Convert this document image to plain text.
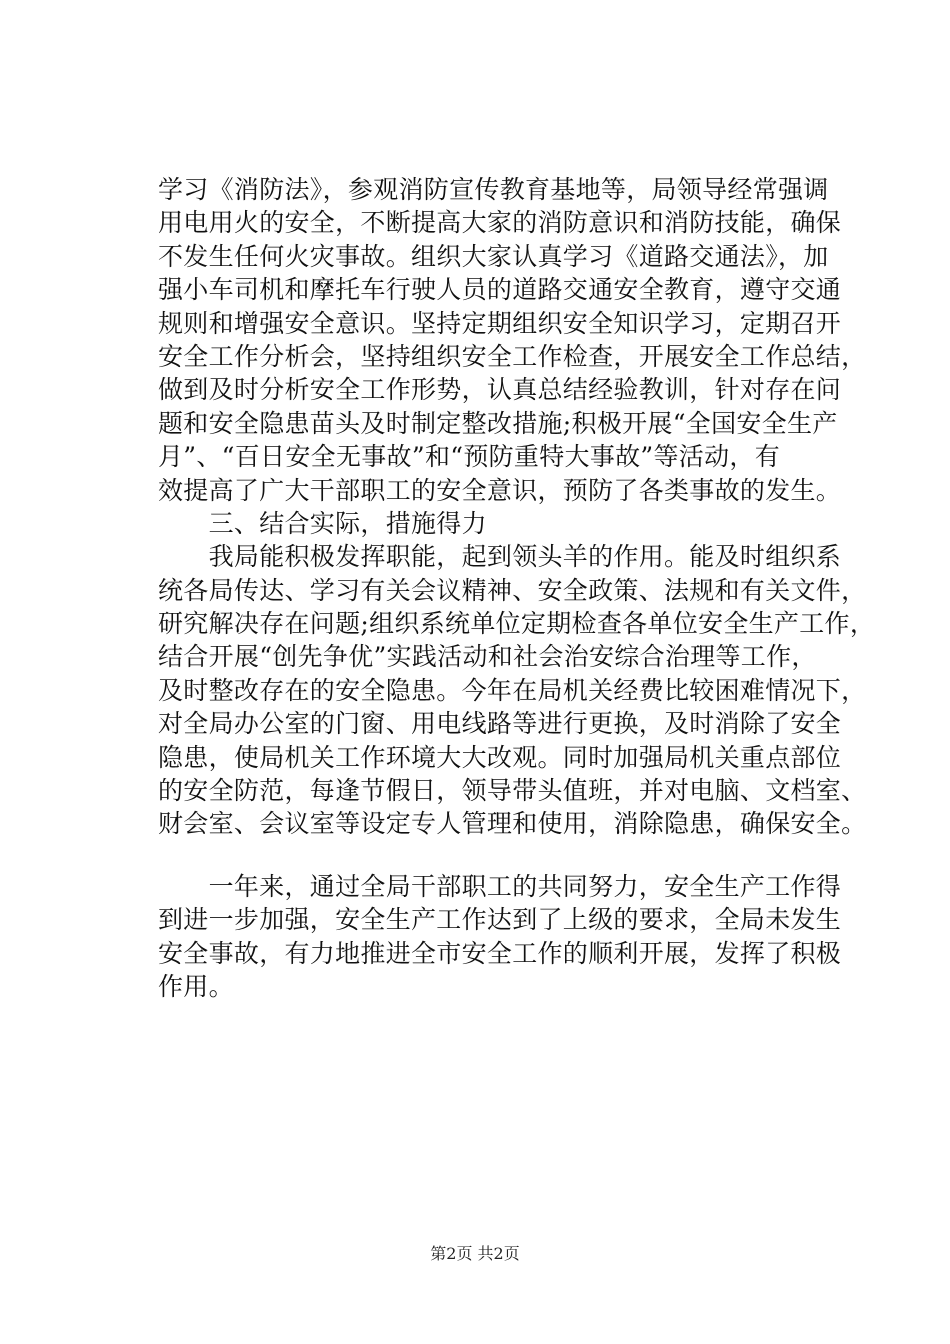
学习《消防法》，参观消防宣传教育基地等，局领导经常强调
用电用火的安全，不断提高大家的消防意识和消防技能，确保
不发生任何火灾事故。组织大家认真学习《道路交通法》，加
强小车司机和摩托车行驶人员的道路交通安全教育，遵守交通
规则和增强安全意识。坚持定期组织安全知识学习，定期召开
安全工作分析会，坚持组织安全工作检查，开展安全工作总结，
做到及时分析安全工作形势，认真总结经验教训，针对存在问
题和安全隐患苗头及时制定整改措施;积极开展“全国安全生产
月”、“百日安全无事故”和“预防重特大事故”等活动，有
效提高了广大干部职工的安全意识，预防了各类事故的发生。
　　三、结合实际，措施得力
　　我局能积极发挥职能，起到领头羊的作用。能及时组织系
统各局传达、学习有关会议精神、安全政策、法规和有关文件，
研究解决存在问题;组织系统单位定期检查各单位安全生产工作，
结合开展“创先争优”实践活动和社会治安综合治理等工作，
及时整改存在的安全隐患。今年在局机关经费比较困难情况下，
对全局办公室的门窗、用电线路等进行更换，及时消除了安全
隐患，使局机关工作环境大大改观。同时加强局机关重点部位
的安全防范，每逢节假日，领导带头值班，并对电脑、文档室、
财会室、会议室等设定专人管理和使用，消除隐患，确保安全。
　　一年来，通过全局干部职工的共同努力，安全生产工作得
到进一步加强，安全生产工作达到了上级的要求，全局未发生
安全事故，有力地推进全市安全工作的顺利开展，发挥了积极
作用。
第2页 共2页
